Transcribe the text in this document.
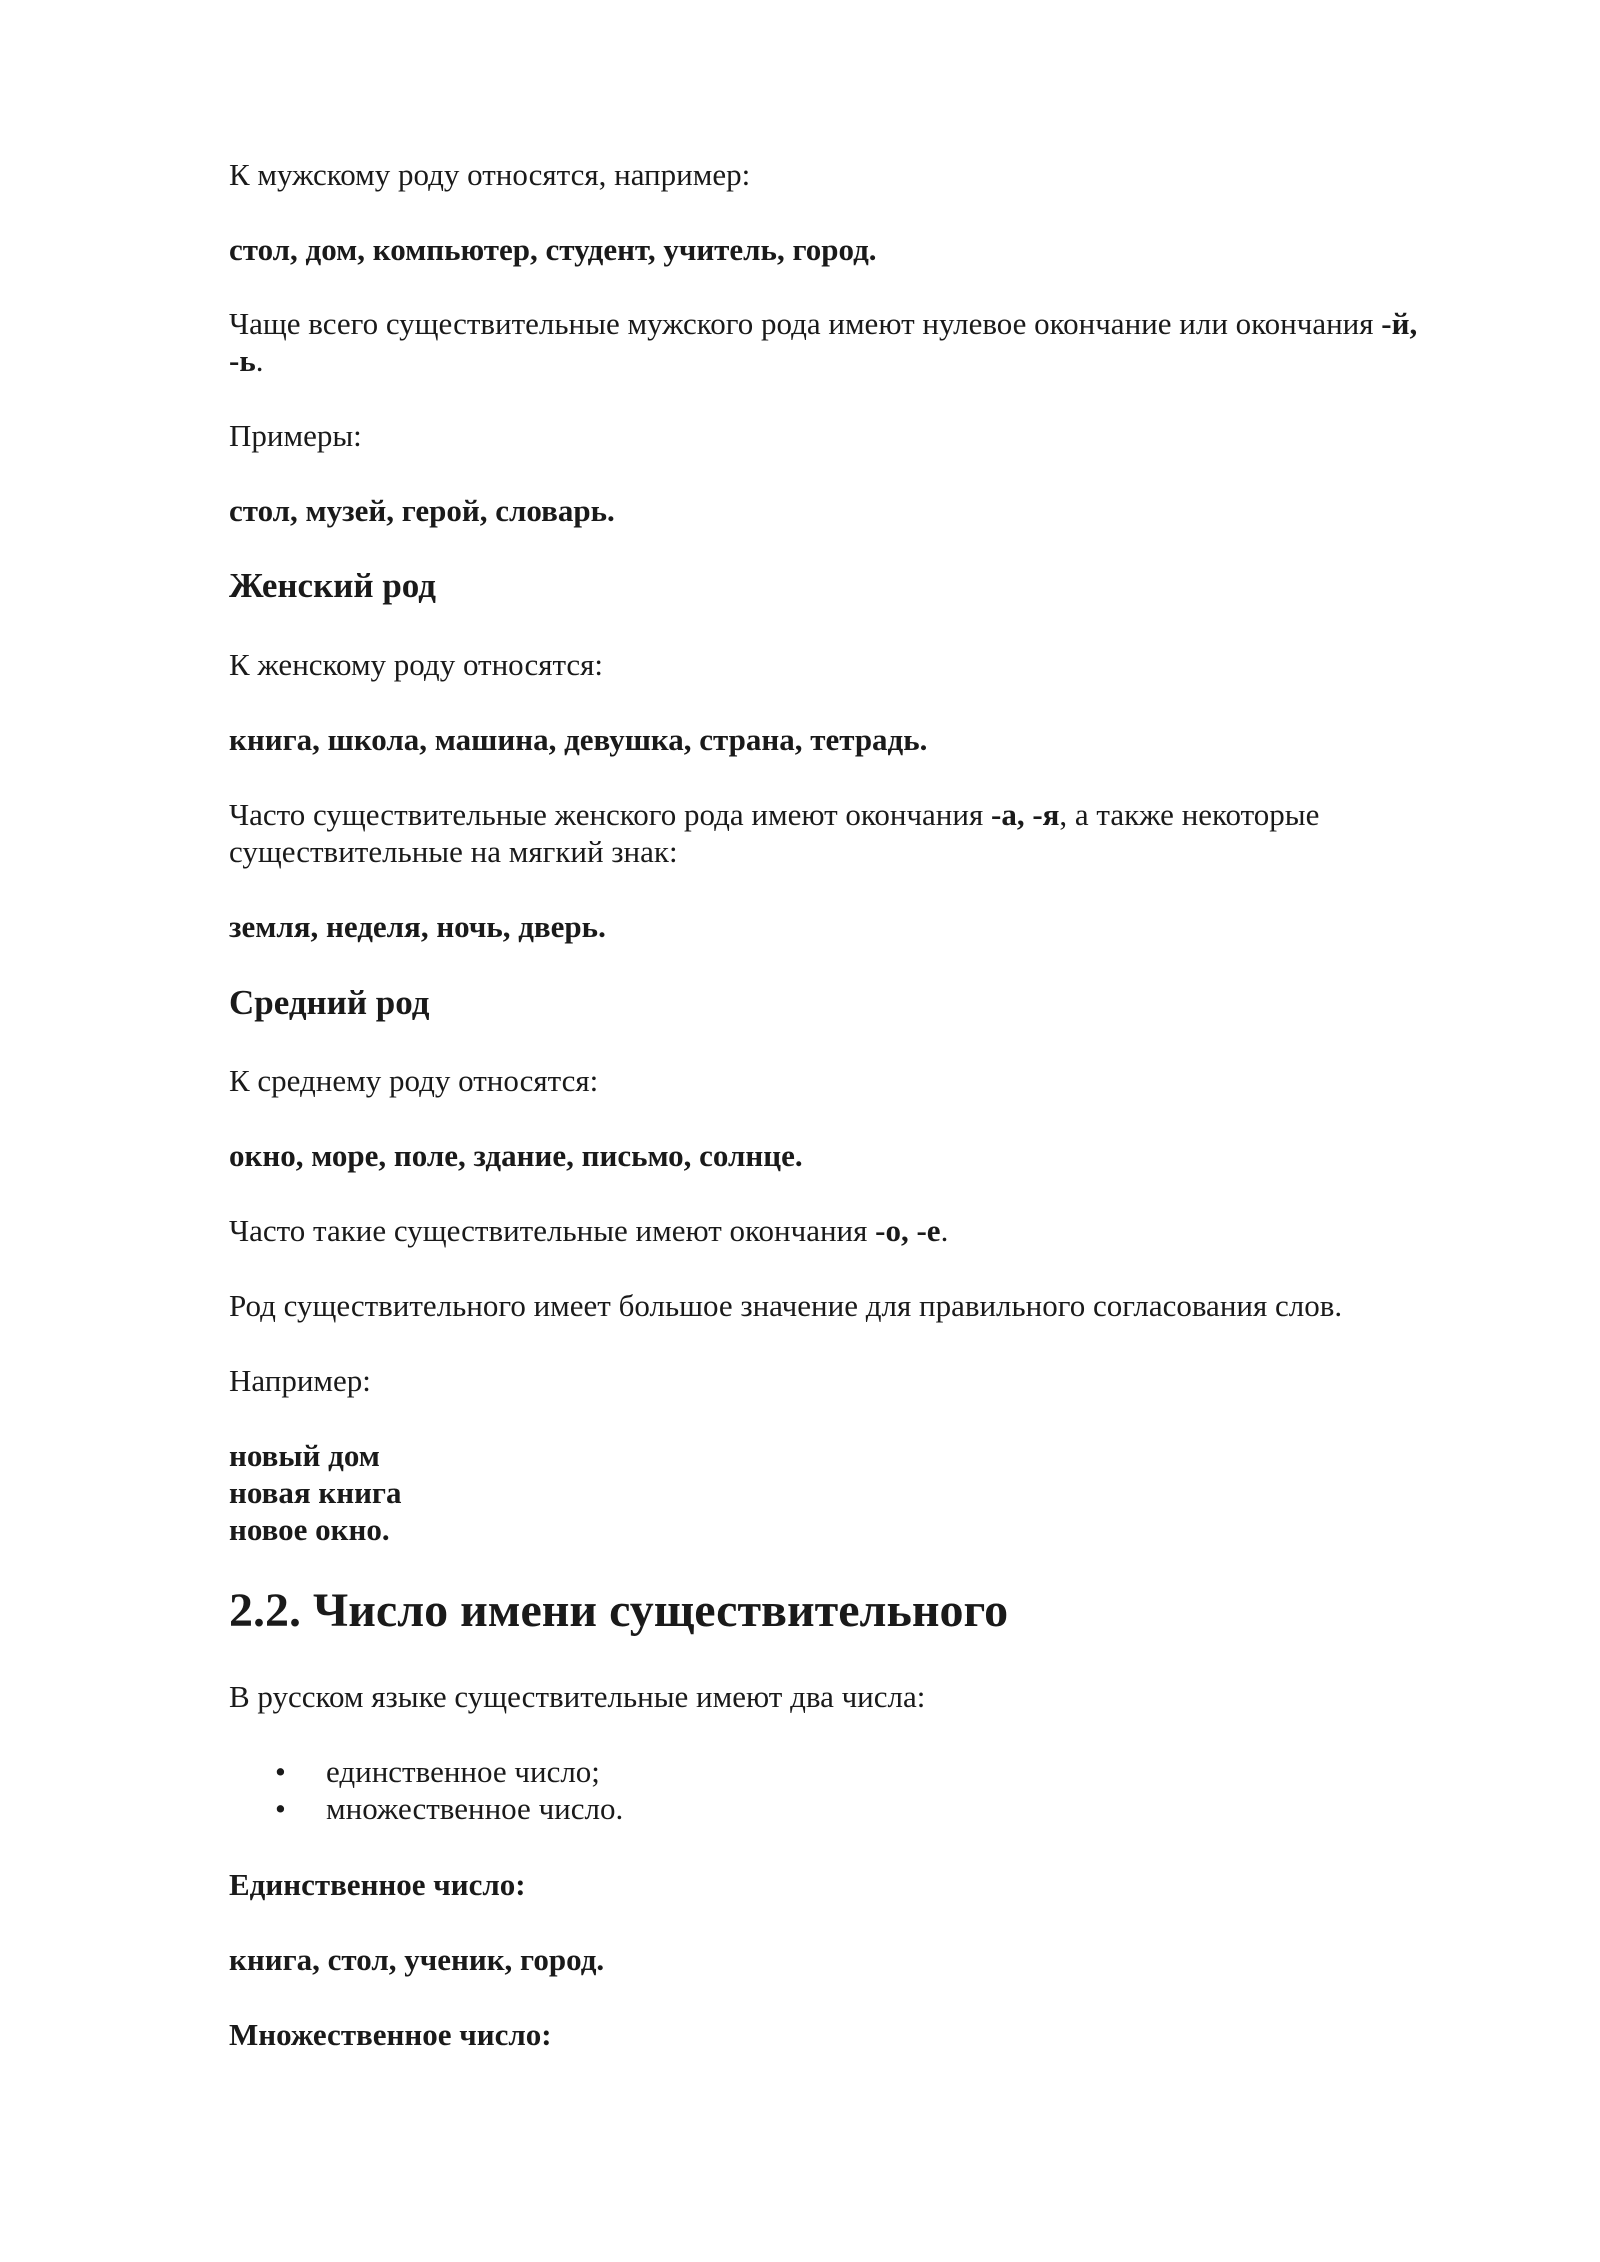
К мужскому роду относятся, например:

стол, дом, компьютер, студент, учитель, город.

Чаще всего существительные мужского рода имеют нулевое окончание или окончания -й,
-ь.

Примеры:

стол, музей, герой, словарь.

Женский род

К женскому роду относятся:

книга, школа, машина, девушка, страна, тетрадь.

Часто существительные женского рода имеют окончания -а, -я, а также некоторые существительные на мягкий знак:

земля, неделя, ночь, дверь.

Средний род

К среднему роду относятся:

окно, море, поле, здание, письмо, солнце.

Часто такие существительные имеют окончания -о, -е.

Род существительного имеет большое значение для правильного согласования слов.

Например:

новый дом

новая книга

новое окно.

2.2. Число имени существительного

В русском языке существительные имеют два числа:

• единственное число;
• множественное число.

Единственное число:

книга, стол, ученик, город.

Множественное число:
